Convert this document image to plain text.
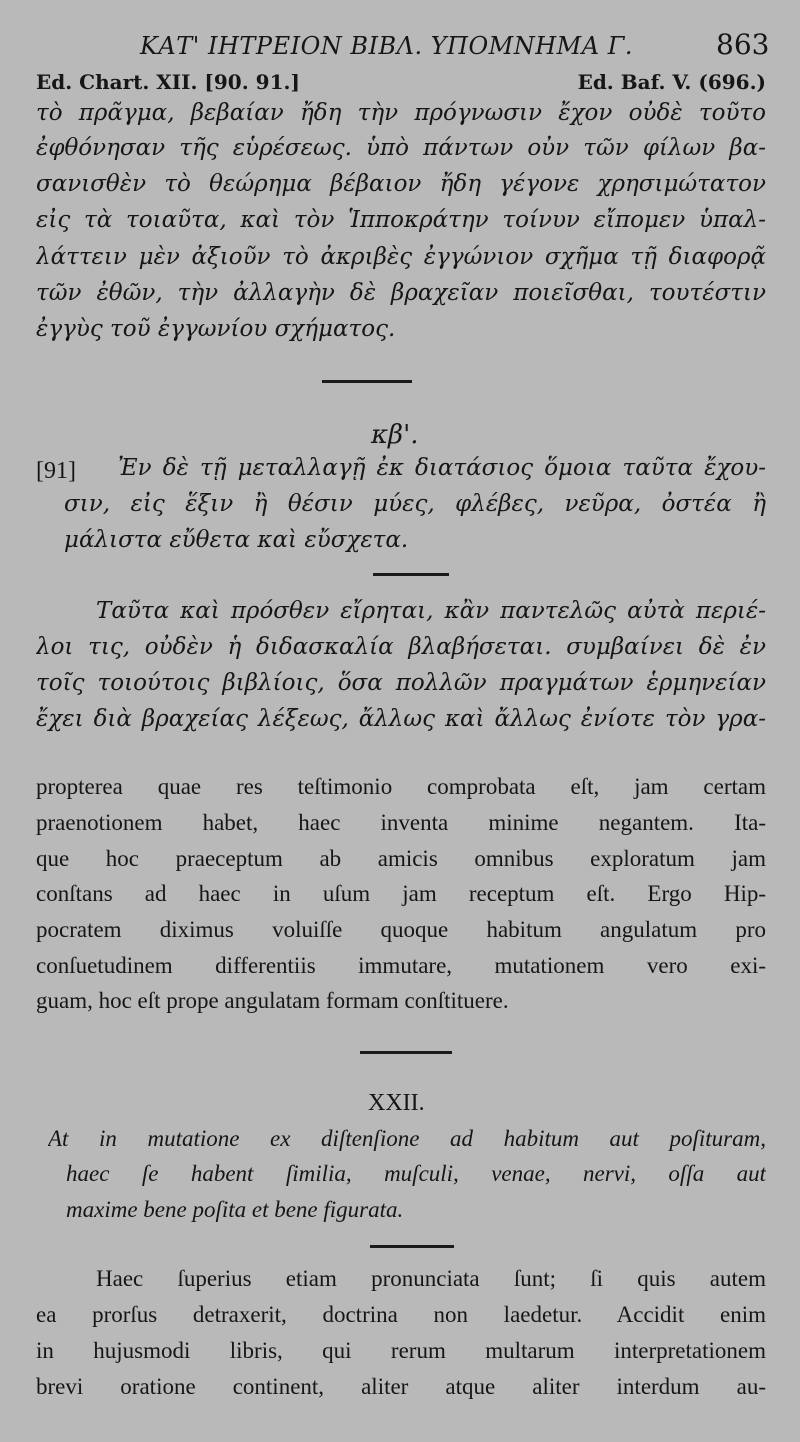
ΚΑΤ' ΙΗΤΡΕΙΟΝ ΒΙΒΛ. ΥΠΟΜΝΗΜΑ Γ.	863
Ed. Chart. XII. [90. 91.]	Ed. Baf. V. (696.)
τὸ πρᾶγμα, βεβαίαν ἤδη τὴν πρόγνωσιν ἔχον οὐδὲ τοῦτο
ἐφθόνησαν τῆς εὑρέσεως. ὑπὸ πάντων οὖν τῶν φίλων βα-
σανισθὲν τὸ θεώρημα βέβαιον ἤδη γέγονε χρησιμώτατον
εἰς τὰ τοιαῦτα, καὶ τὸν Ἱπποκράτην τοίνυν εἴπομεν ὑπαλ-
λάττειν μὲν ἀξιοῦν τὸ ἀκριβὲς ἐγγώνιον σχῆμα τῇ διαφορᾷ
τῶν ἐθῶν, τὴν ἀλλαγὴν δὲ βραχεῖαν ποιεῖσθαι, τουτέστιν
ἐγγὺς τοῦ ἐγγωνίου σχήματος.
κβ'.
[91] Ἐν δὲ τῇ μεταλλαγῇ ἐκ διατάσιος ὅμοια ταῦτα ἔχου-
σιν, εἰς ἕξιν ἢ θέσιν μύες, φλέβες, νεῦρα, ὀστέα ἢ
μάλιστα εὔθετα καὶ εὔσχετα.
Ταῦτα καὶ πρόσθεν εἴρηται, κἂν παντελῶς αὐτὰ περιέ-
λοι τις, οὐδὲν ἡ διδασκαλία βλαβήσεται. συμβαίνει δὲ ἐν
τοῖς τοιούτοις βιβλίοις, ὅσα πολλῶν πραγμάτων ἑρμηνείαν
ἔχει διὰ βραχείας λέξεως, ἄλλως καὶ ἄλλως ἐνίοτε τὸν γρα-
propterea quae res teſtimonio comprobata eſt, jam certam
praenotionem habet, haec inventa minime negantem. Ita-
que hoc praeceptum ab amicis omnibus exploratum jam
conſtans ad haec in uſum jam receptum eſt. Ergo Hip-
pocratem diximus voluiſſe quoque habitum angulatum pro
conſuetudinem differentiis immutare, mutationem vero exi-
guam, hoc eſt prope angulatam formam conſtituere.
XXII.
At in mutatione ex diſtenſione ad habitum aut poſituram,
haec ſe habent ſimilia, muſculi, venae, nervi, oſſa aut
maxime bene poſita et bene figurata.
Haec ſuperius etiam pronunciata ſunt; ſi quis autem
ea prorſus detraxerit, doctrina non laedetur. Accidit enim
in hujusmodi libris, qui rerum multarum interpretationem
brevi oratione continent, aliter atque aliter interdum au-
